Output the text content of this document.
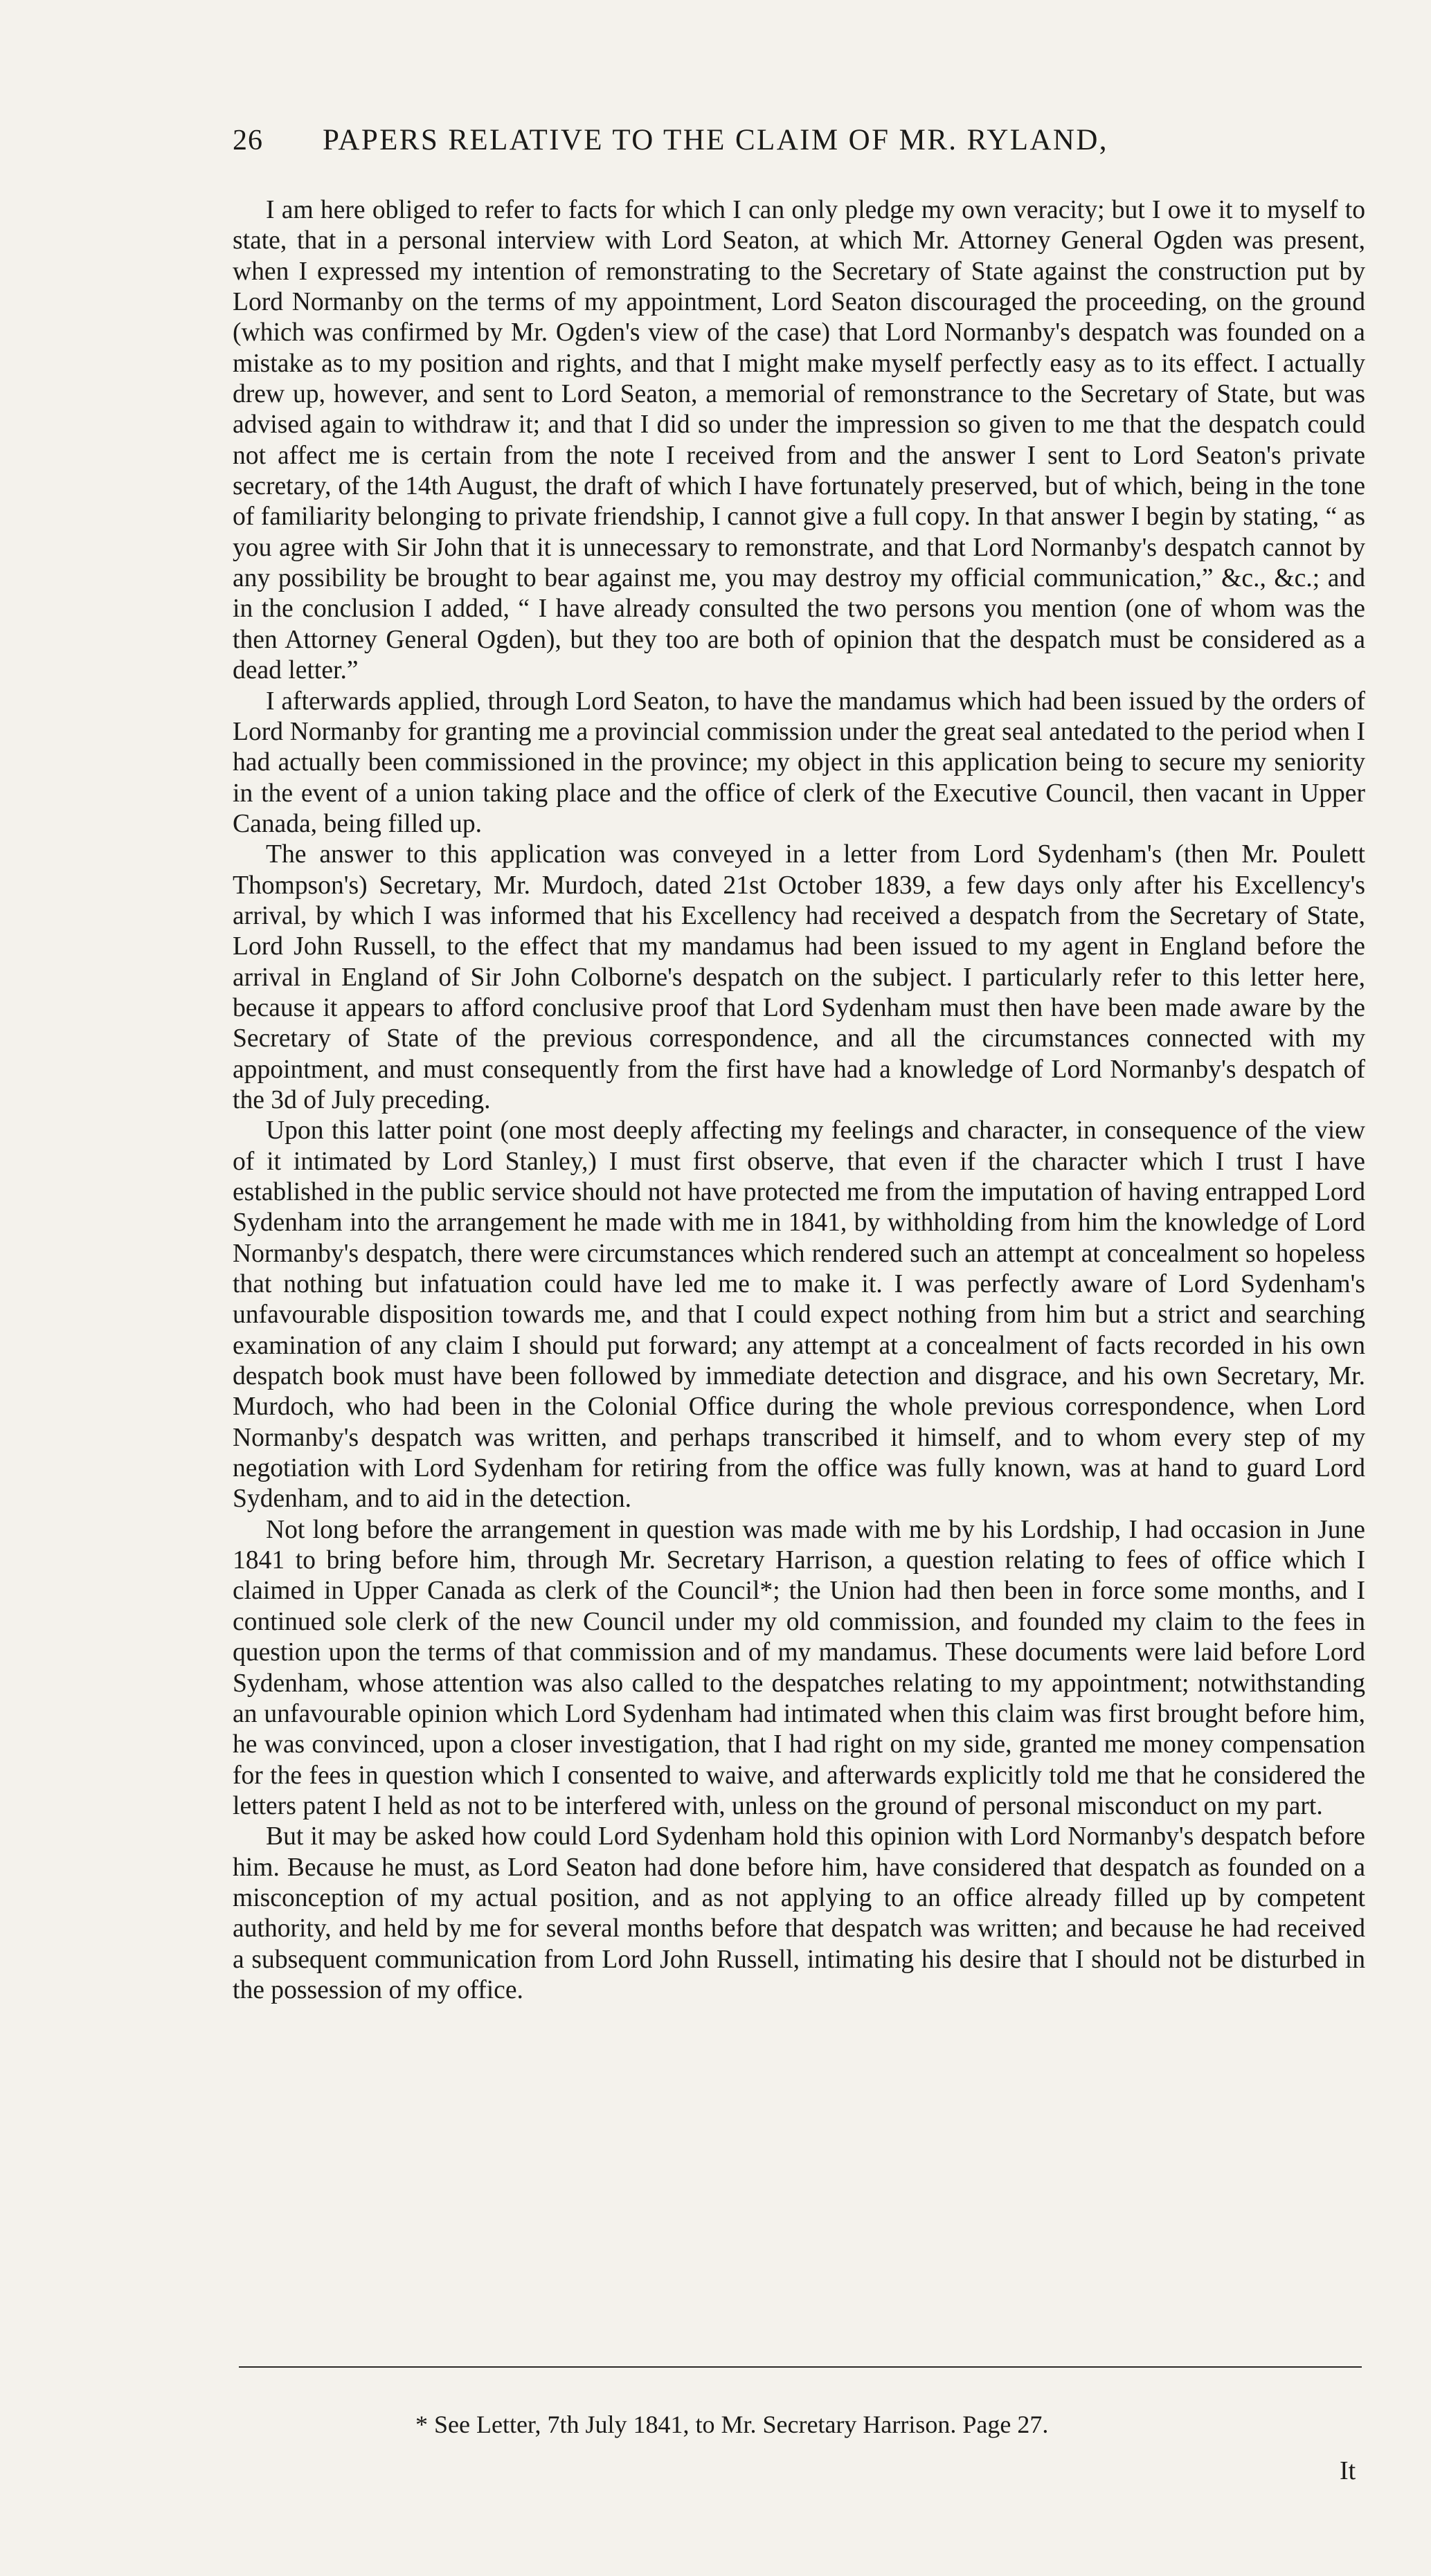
26 PAPERS RELATIVE TO THE CLAIM OF MR. RYLAND,

I am here obliged to refer to facts for which I can only pledge my own veracity; but I owe it to myself to state, that in a personal interview with Lord Seaton, at which Mr. Attorney General Ogden was present, when I expressed my intention of remonstrating to the Secretary of State against the construction put by Lord Normanby on the terms of my appointment, Lord Seaton discouraged the proceeding, on the ground (which was confirmed by Mr. Ogden's view of the case) that Lord Normanby's despatch was founded on a mistake as to my position and rights, and that I might make myself perfectly easy as to its effect. I actually drew up, however, and sent to Lord Seaton, a memorial of remonstrance to the Secretary of State, but was advised again to withdraw it; and that I did so under the impression so given to me that the despatch could not affect me is certain from the note I received from and the answer I sent to Lord Seaton's private secretary, of the 14th August, the draft of which I have fortunately preserved, but of which, being in the tone of familiarity belonging to private friendship, I cannot give a full copy. In that answer I begin by stating, “ as you agree with Sir John that it is unnecessary to remonstrate, and that Lord Normanby's despatch cannot by any possibility be brought to bear against me, you may destroy my official communication,” &c., &c.; and in the conclusion I added, “ I have already consulted the two persons you mention (one of whom was the then Attorney General Ogden), but they too are both of opinion that the despatch must be considered as a dead letter.”

I afterwards applied, through Lord Seaton, to have the mandamus which had been issued by the orders of Lord Normanby for granting me a provincial commission under the great seal antedated to the period when I had actually been commissioned in the province; my object in this application being to secure my seniority in the event of a union taking place and the office of clerk of the Executive Council, then vacant in Upper Canada, being filled up.

The answer to this application was conveyed in a letter from Lord Sydenham's (then Mr. Poulett Thompson's) Secretary, Mr. Murdoch, dated 21st October 1839, a few days only after his Excellency's arrival, by which I was informed that his Excellency had received a despatch from the Secretary of State, Lord John Russell, to the effect that my mandamus had been issued to my agent in England before the arrival in England of Sir John Colborne's despatch on the subject. I particularly refer to this letter here, because it appears to afford conclusive proof that Lord Sydenham must then have been made aware by the Secretary of State of the previous correspondence, and all the circumstances connected with my appointment, and must consequently from the first have had a knowledge of Lord Normanby's despatch of the 3d of July preceding.

Upon this latter point (one most deeply affecting my feelings and character, in consequence of the view of it intimated by Lord Stanley,) I must first observe, that even if the character which I trust I have established in the public service should not have protected me from the imputation of having entrapped Lord Sydenham into the arrangement he made with me in 1841, by withholding from him the knowledge of Lord Normanby's despatch, there were circumstances which rendered such an attempt at concealment so hopeless that nothing but infatuation could have led me to make it. I was perfectly aware of Lord Sydenham's unfavourable disposition towards me, and that I could expect nothing from him but a strict and searching examination of any claim I should put forward; any attempt at a concealment of facts recorded in his own despatch book must have been followed by immediate detection and disgrace, and his own Secretary, Mr. Murdoch, who had been in the Colonial Office during the whole previous correspondence, when Lord Normanby's despatch was written, and perhaps transcribed it himself, and to whom every step of my negotiation with Lord Sydenham for retiring from the office was fully known, was at hand to guard Lord Sydenham, and to aid in the detection.

Not long before the arrangement in question was made with me by his Lordship, I had occasion in June 1841 to bring before him, through Mr. Secretary Harrison, a question relating to fees of office which I claimed in Upper Canada as clerk of the Council*; the Union had then been in force some months, and I continued sole clerk of the new Council under my old commission, and founded my claim to the fees in question upon the terms of that commission and of my mandamus. These documents were laid before Lord Sydenham, whose attention was also called to the despatches relating to my appointment; notwithstanding an unfavourable opinion which Lord Sydenham had intimated when this claim was first brought before him, he was convinced, upon a closer investigation, that I had right on my side, granted me money compensation for the fees in question which I consented to waive, and afterwards explicitly told me that he considered the letters patent I held as not to be interfered with, unless on the ground of personal misconduct on my part.

But it may be asked how could Lord Sydenham hold this opinion with Lord Normanby's despatch before him. Because he must, as Lord Seaton had done before him, have considered that despatch as founded on a misconception of my actual position, and as not applying to an office already filled up by competent authority, and held by me for several months before that despatch was written; and because he had received a subsequent communication from Lord John Russell, intimating his desire that I should not be disturbed in the possession of my office.

* See Letter, 7th July 1841, to Mr. Secretary Harrison. Page 27.
It
